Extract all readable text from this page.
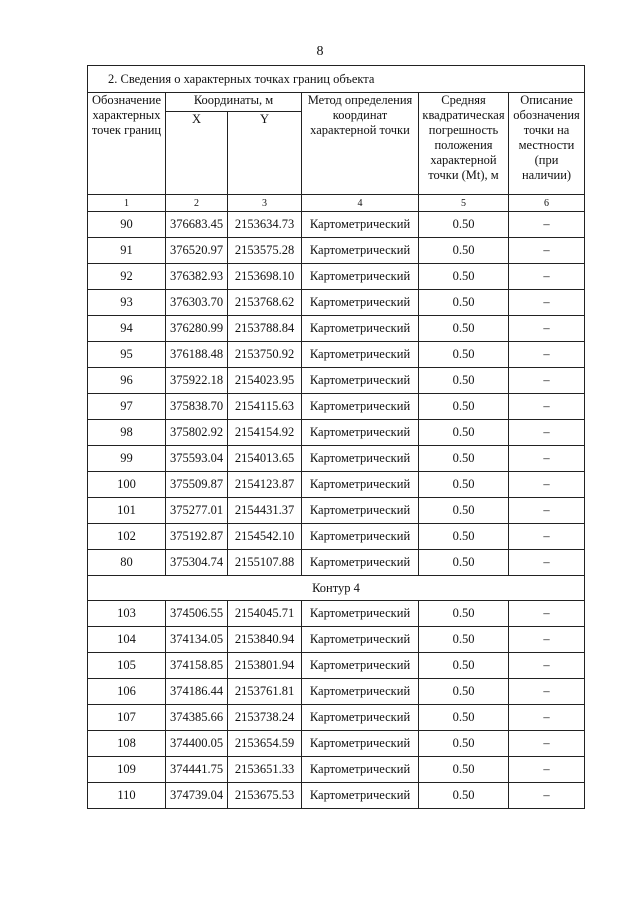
8
2. Сведения о характерных точках границ объекта					
Обозначение характерных точек границ	Координаты, м		Метод определения координат характерной точки	Средняя квадратическая погрешность положения характерной точки (Mt), м	Описание обозначения точки на местности (при наличии)
	X	Y			
1	2	3	4	5	6
90	376683.45	2153634.73	Картометрический	0.50	–
91	376520.97	2153575.28	Картометрический	0.50	–
92	376382.93	2153698.10	Картометрический	0.50	–
93	376303.70	2153768.62	Картометрический	0.50	–
94	376280.99	2153788.84	Картометрический	0.50	–
95	376188.48	2153750.92	Картометрический	0.50	–
96	375922.18	2154023.95	Картометрический	0.50	–
97	375838.70	2154115.63	Картометрический	0.50	–
98	375802.92	2154154.92	Картометрический	0.50	–
99	375593.04	2154013.65	Картометрический	0.50	–
100	375509.87	2154123.87	Картометрический	0.50	–
101	375277.01	2154431.37	Картометрический	0.50	–
102	375192.87	2154542.10	Картометрический	0.50	–
80	375304.74	2155107.88	Картометрический	0.50	–
Контур 4					
103	374506.55	2154045.71	Картометрический	0.50	–
104	374134.05	2153840.94	Картометрический	0.50	–
105	374158.85	2153801.94	Картометрический	0.50	–
106	374186.44	2153761.81	Картометрический	0.50	–
107	374385.66	2153738.24	Картометрический	0.50	–
108	374400.05	2153654.59	Картометрический	0.50	–
109	374441.75	2153651.33	Картометрический	0.50	–
110	374739.04	2153675.53	Картометрический	0.50	–
